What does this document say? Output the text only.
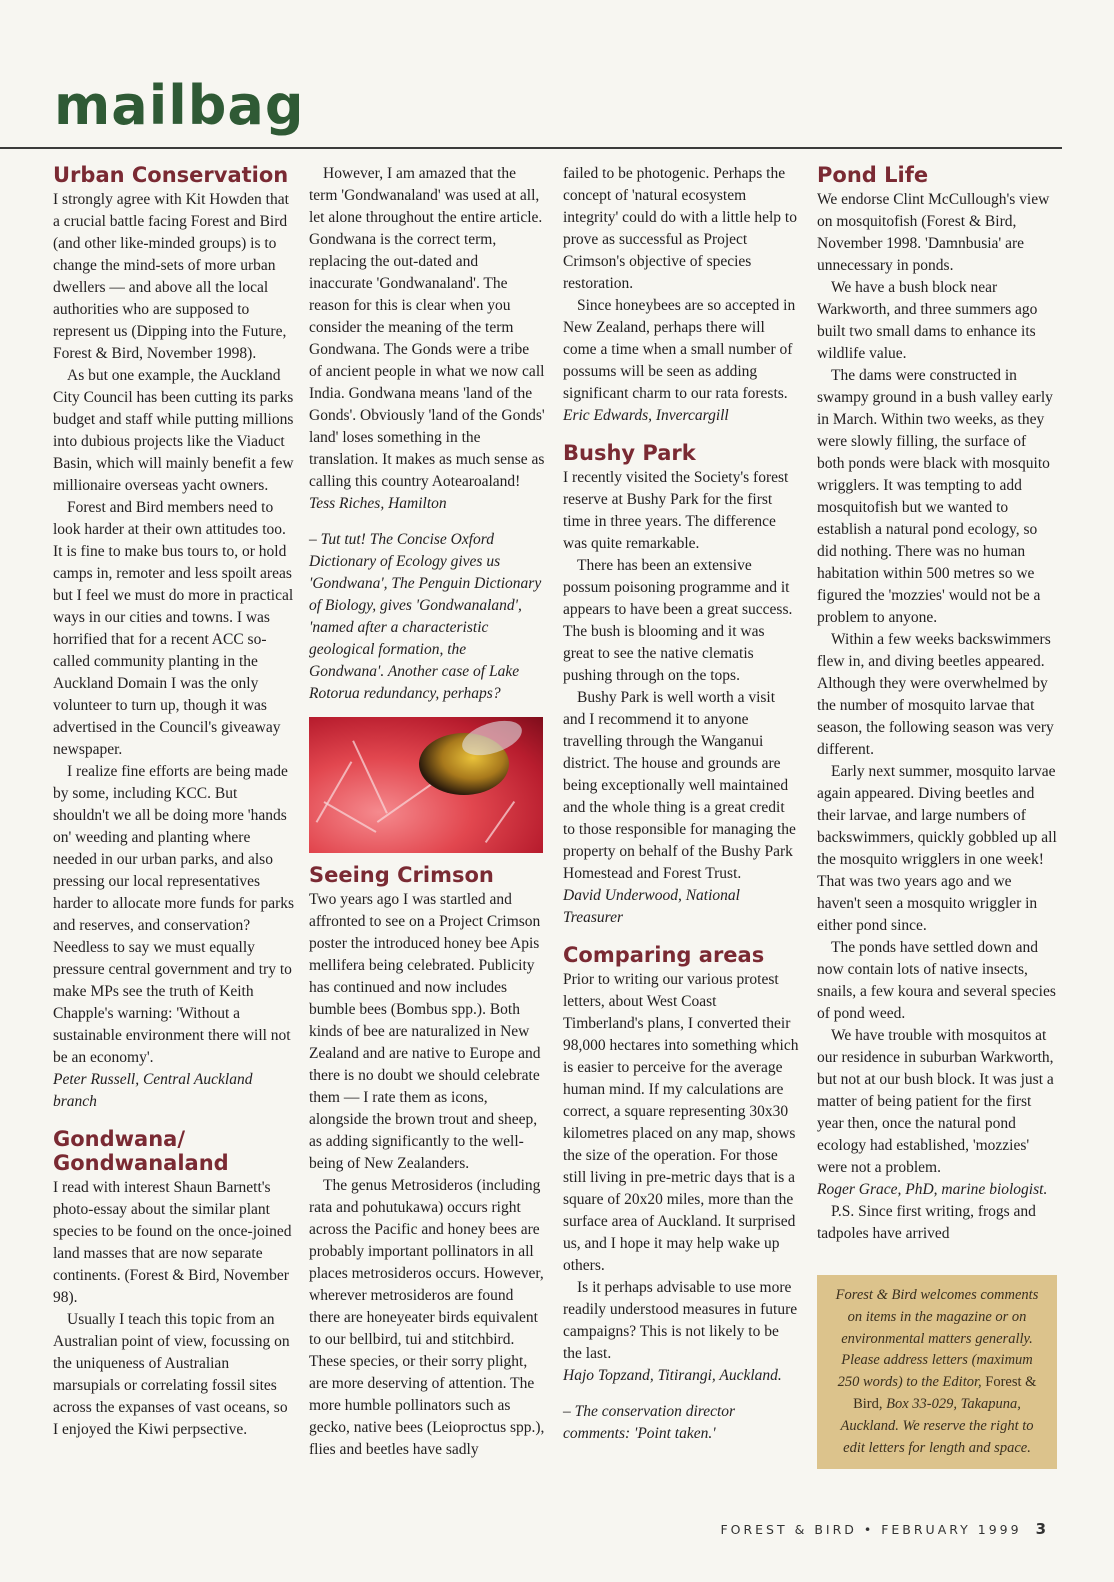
mailbag
Urban Conservation

I strongly agree with Kit Howden that a crucial battle facing Forest and Bird (and other like-minded groups) is to change the mind-sets of more urban dwellers — and above all the local authorities who are supposed to represent us (Dipping into the Future, Forest & Bird, November 1998).

As but one example, the Auckland City Council has been cutting its parks budget and staff while putting millions into dubious projects like the Viaduct Basin, which will mainly benefit a few millionaire overseas yacht owners.

Forest and Bird members need to look harder at their own attitudes too. It is fine to make bus tours to, or hold camps in, remoter and less spoilt areas but I feel we must do more in practical ways in our cities and towns. I was horrified that for a recent ACC so-called community planting in the Auckland Domain I was the only volunteer to turn up, though it was advertised in the Council's giveaway newspaper.

I realize fine efforts are being made by some, including KCC. But shouldn't we all be doing more 'hands on' weeding and planting where needed in our urban parks, and also pressing our local representatives harder to allocate more funds for parks and reserves, and conservation? Needless to say we must equally pressure central government and try to make MPs see the truth of Keith Chapple's warning: 'Without a sustainable environment there will not be an economy'.

Peter Russell, Central Auckland branch

Gondwana/ Gondwanaland

I read with interest Shaun Barnett's photo-essay about the similar plant species to be found on the once-joined land masses that are now separate continents. (Forest & Bird, November 98).

Usually I teach this topic from an Australian point of view, focussing on the uniqueness of Australian marsupials or correlating fossil sites across the expanses of vast oceans, so I enjoyed the Kiwi perpsective.

However, I am amazed that the term 'Gondwanaland' was used at all, let alone throughout the entire article. Gondwana is the correct term, replacing the out-dated and inaccurate 'Gondwanaland'. The reason for this is clear when you consider the meaning of the term Gondwana. The Gonds were a tribe of ancient people in what we now call India. Gondwana means 'land of the Gonds'. Obviously 'land of the Gonds' land' loses something in the translation. It makes as much sense as calling this country Aotearoaland!

Tess Riches, Hamilton

– Tut tut! The Concise Oxford Dictionary of Ecology gives us 'Gondwana', The Penguin Dictionary of Biology, gives 'Gondwanaland', 'named after a characteristic geological formation, the Gondwana'. Another case of Lake Rotorua redundancy, perhaps?

Seeing Crimson

Two years ago I was startled and affronted to see on a Project Crimson poster the introduced honey bee Apis mellifera being celebrated. Publicity has continued and now includes bumble bees (Bombus spp.). Both kinds of bee are naturalized in New Zealand and are native to Europe and there is no doubt we should celebrate them — I rate them as icons, alongside the brown trout and sheep, as adding significantly to the well-being of New Zealanders.

The genus Metrosideros (including rata and pohutukawa) occurs right across the Pacific and honey bees are probably important pollinators in all places metrosideros occurs. However, wherever metrosideros are found there are honeyeater birds equivalent to our bellbird, tui and stitchbird. These species, or their sorry plight, are more deserving of attention. The more humble pollinators such as gecko, native bees (Leioproctus spp.), flies and beetles have sadly

failed to be photogenic. Perhaps the concept of 'natural ecosystem integrity' could do with a little help to prove as successful as Project Crimson's objective of species restoration.

Since honeybees are so accepted in New Zealand, perhaps there will come a time when a small number of possums will be seen as adding significant charm to our rata forests.

Eric Edwards, Invercargill

Bushy Park

I recently visited the Society's forest reserve at Bushy Park for the first time in three years. The difference was quite remarkable.

There has been an extensive possum poisoning programme and it appears to have been a great success. The bush is blooming and it was great to see the native clematis pushing through on the tops.

Bushy Park is well worth a visit and I recommend it to anyone travelling through the Wanganui district. The house and grounds are being exceptionally well maintained and the whole thing is a great credit to those responsible for managing the property on behalf of the Bushy Park Homestead and Forest Trust.

David Underwood, National Treasurer

Comparing areas

Prior to writing our various protest letters, about West Coast Timberland's plans, I converted their 98,000 hectares into something which is easier to perceive for the average human mind. If my calculations are correct, a square representing 30x30 kilometres placed on any map, shows the size of the operation. For those still living in pre-metric days that is a square of 20x20 miles, more than the surface area of Auckland. It surprised us, and I hope it may help wake up others.

Is it perhaps advisable to use more readily understood measures in future campaigns? This is not likely to be the last.

Hajo Topzand, Titirangi, Auckland.

– The conservation director comments: 'Point taken.'

Pond Life

We endorse Clint McCullough's view on mosquitofish (Forest & Bird, November 1998. 'Damnbusia' are unnecessary in ponds.

We have a bush block near Warkworth, and three summers ago built two small dams to enhance its wildlife value.

The dams were constructed in swampy ground in a bush valley early in March. Within two weeks, as they were slowly filling, the surface of both ponds were black with mosquito wrigglers. It was tempting to add mosquitofish but we wanted to establish a natural pond ecology, so did nothing. There was no human habitation within 500 metres so we figured the 'mozzies' would not be a problem to anyone.

Within a few weeks backswimmers flew in, and diving beetles appeared. Although they were overwhelmed by the number of mosquito larvae that season, the following season was very different.

Early next summer, mosquito larvae again appeared. Diving beetles and their larvae, and large numbers of backswimmers, quickly gobbled up all the mosquito wrigglers in one week! That was two years ago and we haven't seen a mosquito wriggler in either pond since.

The ponds have settled down and now contain lots of native insects, snails, a few koura and several species of pond weed.

We have trouble with mosquitos at our residence in suburban Warkworth, but not at our bush block. It was just a matter of being patient for the first year then, once the natural pond ecology had established, 'mozzies' were not a problem.

Roger Grace, PhD, marine biologist.

P.S. Since first writing, frogs and tadpoles have arrived

Forest & Bird welcomes comments on items in the magazine or on environmental matters generally. Please address letters (maximum 250 words) to the Editor, Forest & Bird, Box 33-029, Takapuna, Auckland. We reserve the right to edit letters for length and space.
FOREST & BIRD • FEBRUARY 1999 3
